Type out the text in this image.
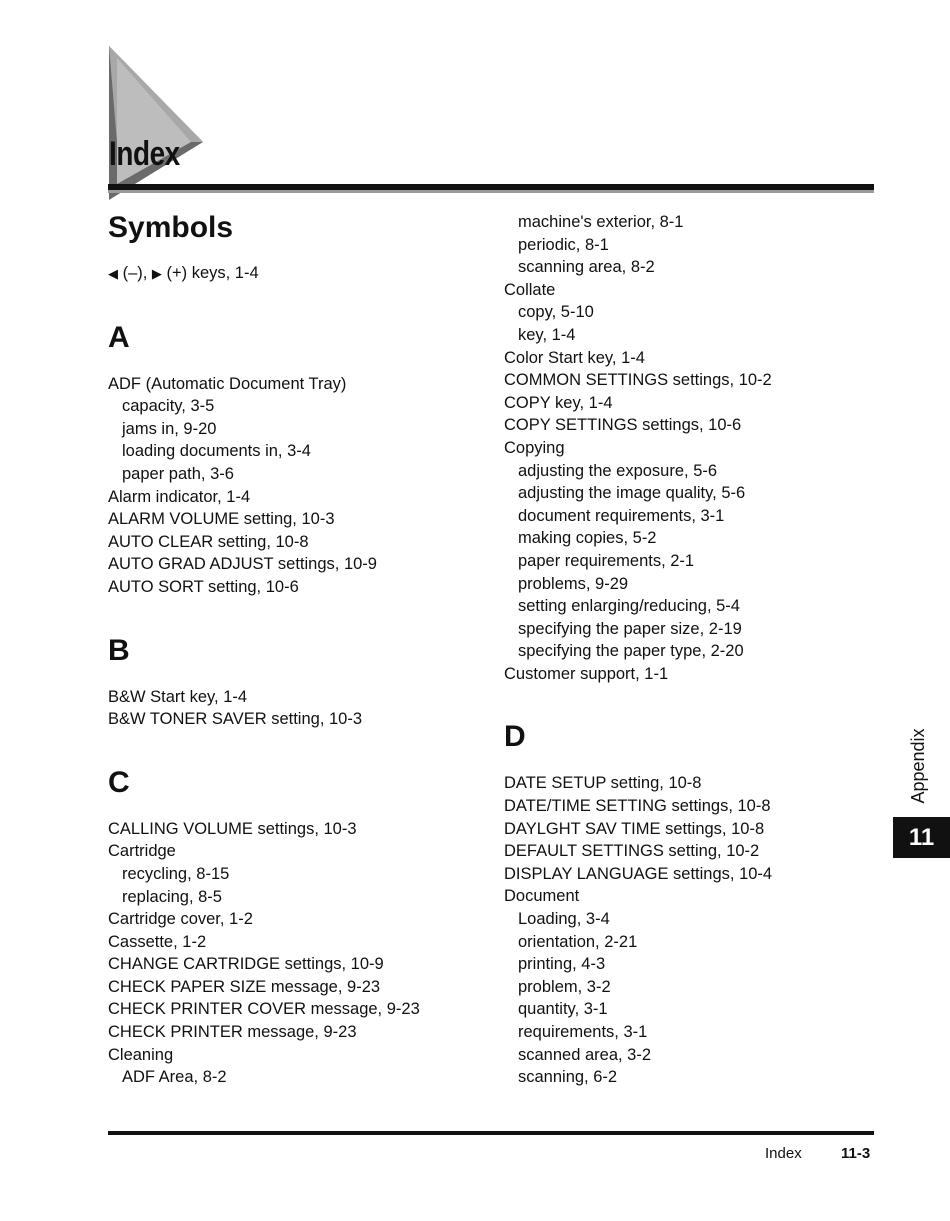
Index
Symbols
◀ (–), ▶ (+) keys, 1-4
A
ADF (Automatic Document Tray)
capacity, 3-5
jams in, 9-20
loading documents in, 3-4
paper path, 3-6
Alarm indicator, 1-4
ALARM VOLUME setting, 10-3
AUTO CLEAR setting, 10-8
AUTO GRAD ADJUST settings, 10-9
AUTO SORT setting, 10-6
B
B&W Start key, 1-4
B&W TONER SAVER setting, 10-3
C
CALLING VOLUME settings, 10-3
Cartridge
recycling, 8-15
replacing, 8-5
Cartridge cover, 1-2
Cassette, 1-2
CHANGE CARTRIDGE settings, 10-9
CHECK PAPER SIZE message, 9-23
CHECK PRINTER COVER message, 9-23
CHECK PRINTER message, 9-23
Cleaning
ADF Area, 8-2
machine's exterior, 8-1
periodic, 8-1
scanning area, 8-2
Collate
copy, 5-10
key, 1-4
Color Start key, 1-4
COMMON SETTINGS settings, 10-2
COPY key, 1-4
COPY SETTINGS settings, 10-6
Copying
adjusting the exposure, 5-6
adjusting the image quality, 5-6
document requirements, 3-1
making copies, 5-2
paper requirements, 2-1
problems, 9-29
setting enlarging/reducing, 5-4
specifying the paper size, 2-19
specifying the paper type, 2-20
Customer support, 1-1
D
DATE SETUP setting, 10-8
DATE/TIME SETTING settings, 10-8
DAYLGHT SAV TIME settings, 10-8
DEFAULT SETTINGS setting, 10-2
DISPLAY LANGUAGE settings, 10-4
Document
Loading, 3-4
orientation, 2-21
printing, 4-3
problem, 3-2
quantity, 3-1
requirements, 3-1
scanned area, 3-2
scanning, 6-2
Appendix
11
Index	11-3
